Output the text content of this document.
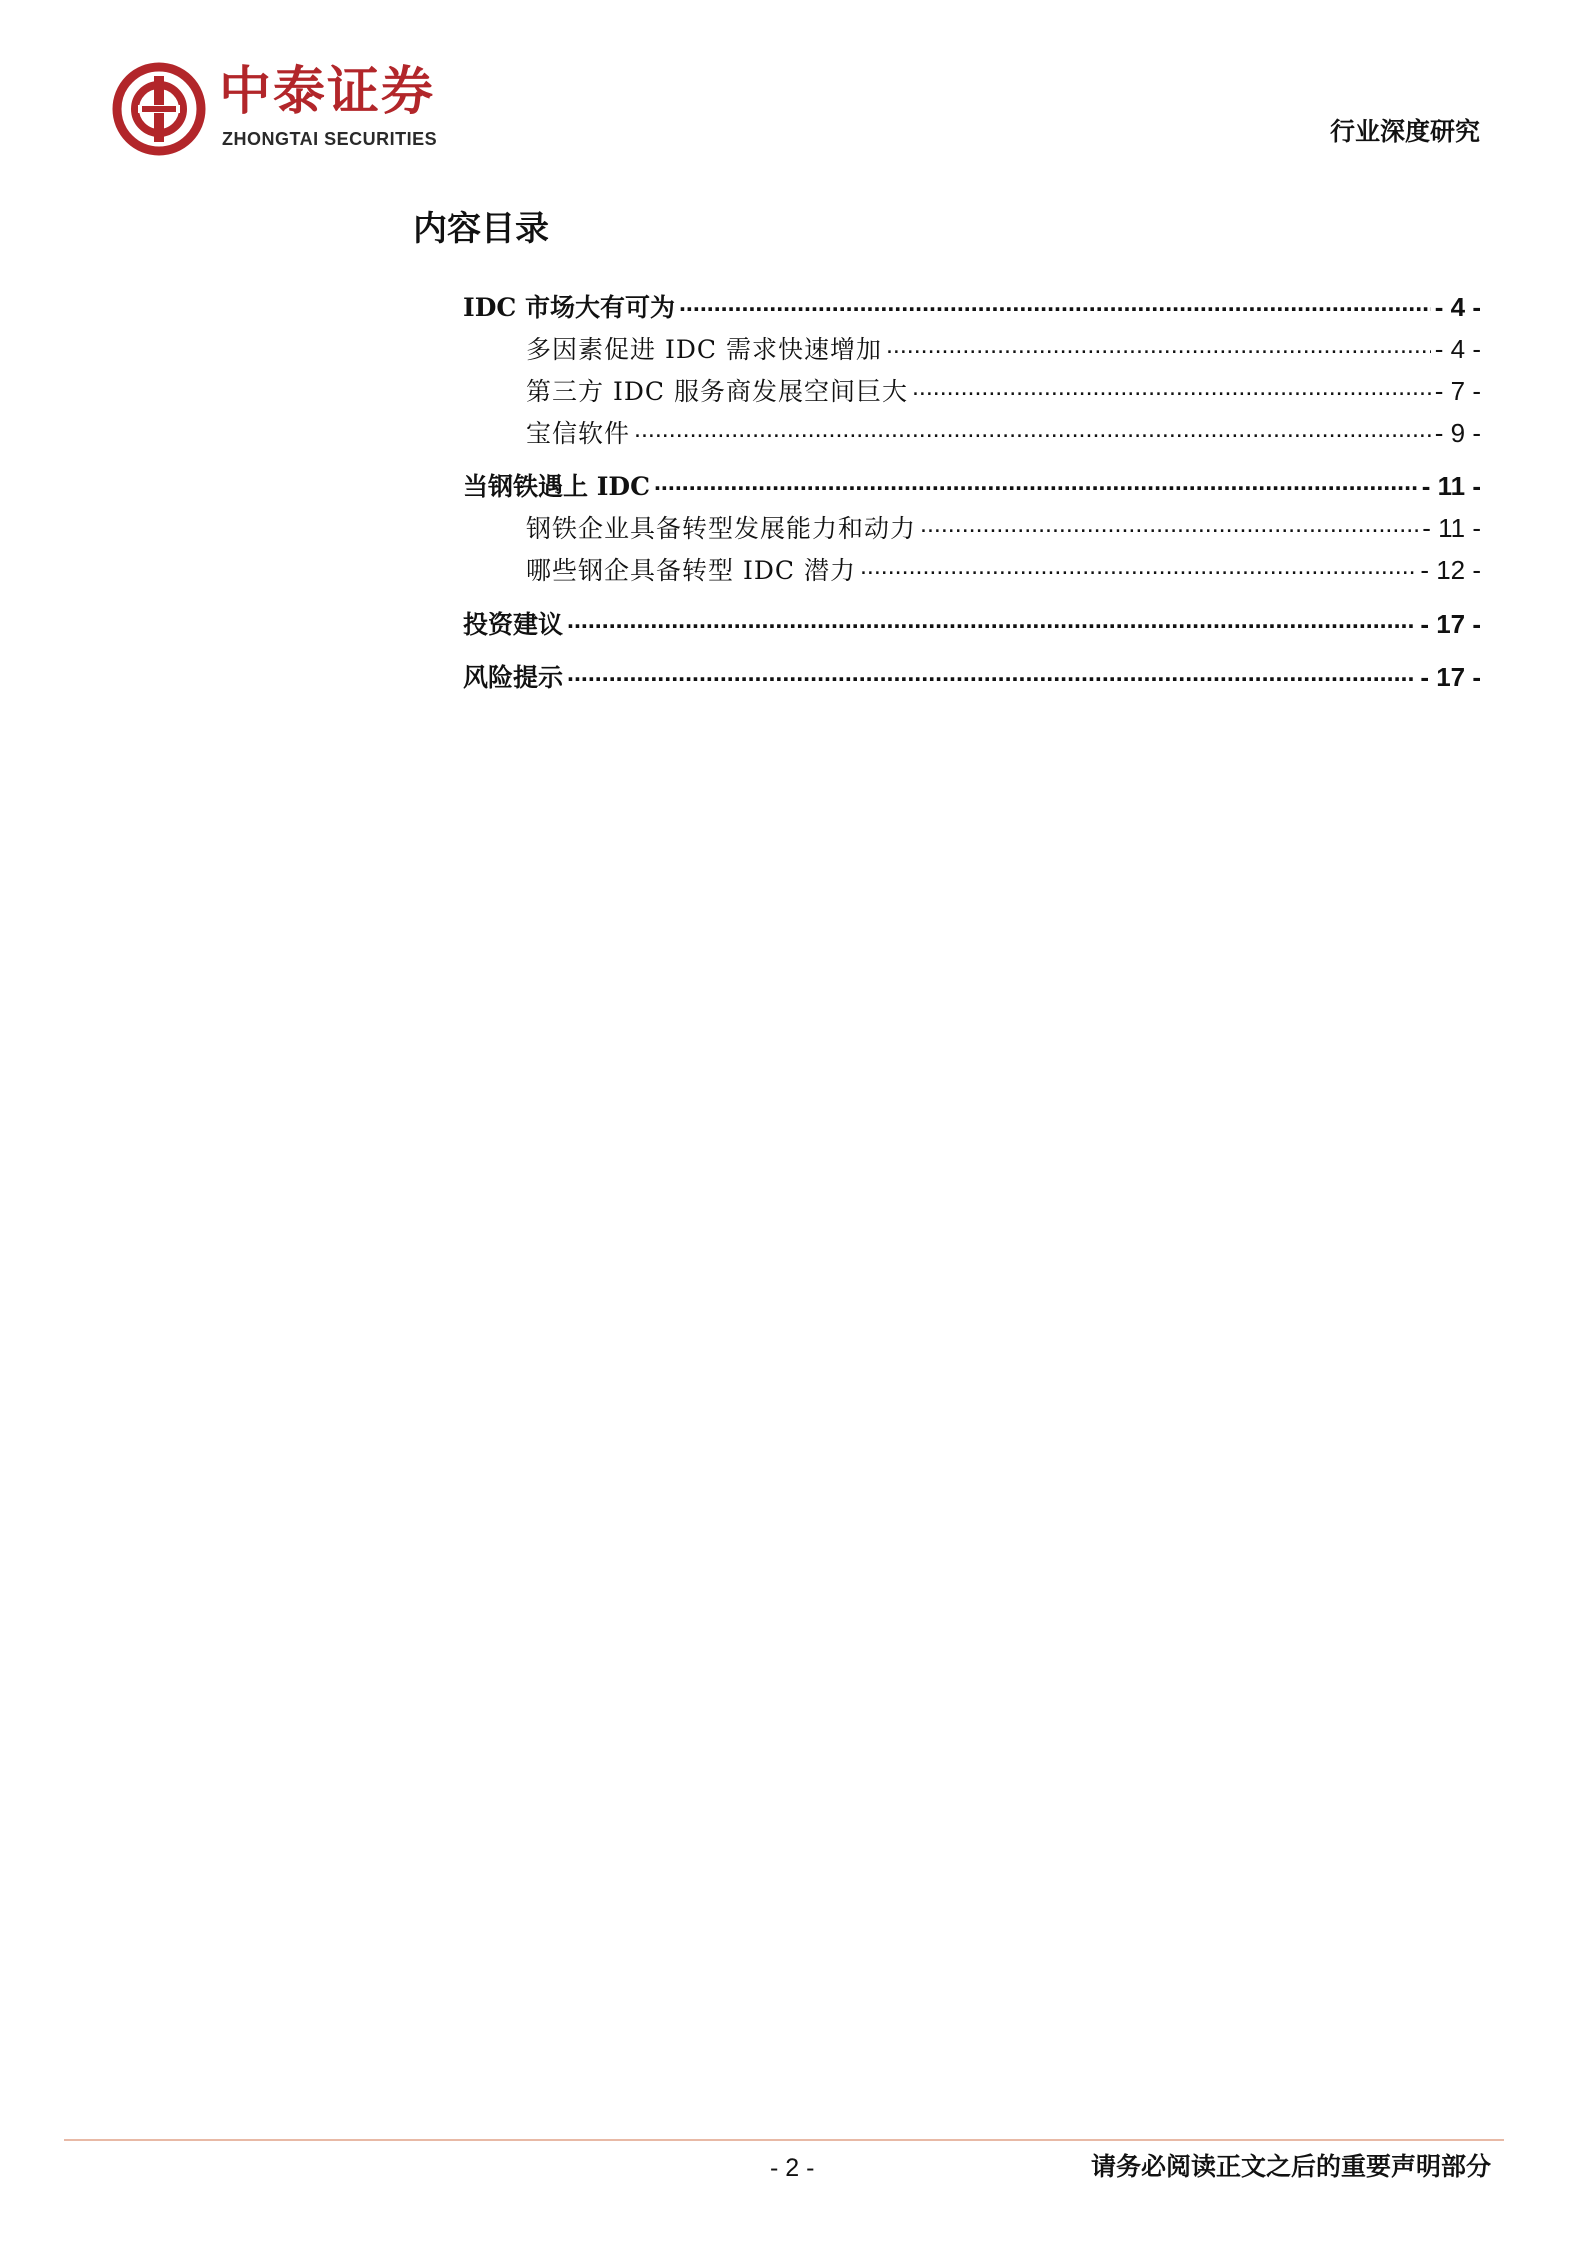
中泰证券
ZHONGTAI SECURITIES	行业深度研究
内容目录
IDC 市场大有可为 .....	- 4 -
多因素促进 IDC 需求快速增加 .....	- 4 -
第三方 IDC 服务商发展空间巨大 .....	- 7 -
宝信软件 .....	- 9 -
当钢铁遇上 IDC .....	- 11 -
钢铁企业具备转型发展能力和动力 .....	- 11 -
哪些钢企具备转型 IDC 潜力 .....	- 12 -
投资建议 .....	- 17 -
风险提示 .....	- 17 -
- 2 -	请务必阅读正文之后的重要声明部分
